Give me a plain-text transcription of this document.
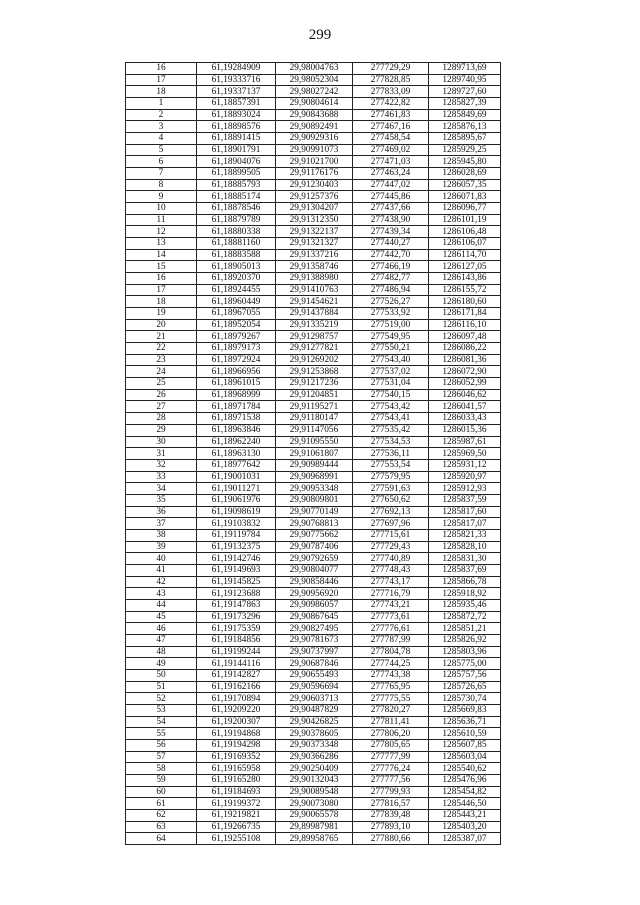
299
16	61,19284909	29,98004763	277729,29	1289713,69
17	61,19333716	29,98052304	277828,85	1289740,95
18	61,19337137	29,98027242	277833,09	1289727,60
1	61,18857391	29,90804614	277422,82	1285827,39
2	61,18893024	29,90843688	277461,83	1285849,69
3	61,18898576	29,90892491	277467,16	1285876,13
4	61,18891415	29,90929316	277458,54	1285895,67
5	61,18901791	29,90991073	277469,02	1285929,25
6	61,18904076	29,91021700	277471,03	1285945,80
7	61,18899505	29,91176176	277463,24	1286028,69
8	61,18885793	29,91230403	277447,02	1286057,35
9	61,18885174	29,91257376	277445,86	1286071,83
10	61,18878546	29,91304207	277437,66	1286096,77
11	61,18879789	29,91312350	277438,90	1286101,19
12	61,18880338	29,91322137	277439,34	1286106,48
13	61,18881160	29,91321327	277440,27	1286106,07
14	61,18883588	29,91337216	277442,70	1286114,70
15	61,18905013	29,91358746	277466,19	1286127,05
16	61,18920370	29,91388980	277482,77	1286143,86
17	61,18924455	29,91410763	277486,94	1286155,72
18	61,18960449	29,91454621	277526,27	1286180,60
19	61,18967055	29,91437884	277533,92	1286171,84
20	61,18952054	29,91335219	277519,00	1286116,10
21	61,18979267	29,91298757	277549,95	1286097,48
22	61,18979173	29,91277821	277550,21	1286086,22
23	61,18972924	29,91269202	277543,40	1286081,36
24	61,18966956	29,91253868	277537,02	1286072,90
25	61,18961015	29,91217236	277531,04	1286052,99
26	61,18968999	29,91204851	277540,15	1286046,62
27	61,18971784	29,91195271	277543,42	1286041,57
28	61,18971538	29,91180147	277543,41	1286033,43
29	61,18963846	29,91147056	277535,42	1286015,36
30	61,18962240	29,91095550	277534,53	1285987,61
31	61,18963130	29,91061807	277536,11	1285969,50
32	61,18977642	29,90989444	277553,54	1285931,12
33	61,19001031	29,90968991	277579,95	1285920,97
34	61,19011271	29,90953348	277591,63	1285912,93
35	61,19061976	29,90809801	277650,62	1285837,59
36	61,19098619	29,90770149	277692,13	1285817,60
37	61,19103832	29,90768813	277697,96	1285817,07
38	61,19119784	29,90775662	277715,61	1285821,33
39	61,19132375	29,90787406	277729,43	1285828,10
40	61,19142746	29,90792659	277740,89	1285831,30
41	61,19149693	29,90804077	277748,43	1285837,69
42	61,19145825	29,90858446	277743,17	1285866,78
43	61,19123688	29,90956920	277716,79	1285918,92
44	61,19147863	29,90986057	277743,21	1285935,46
45	61,19173296	29,90867645	277773,61	1285872,72
46	61,19175359	29,90827495	277776,61	1285851,21
47	61,19184856	29,90781673	277787,99	1285826,92
48	61,19199244	29,90737997	277804,78	1285803,96
49	61,19144116	29,90687846	277744,25	1285775,00
50	61,19142827	29,90655493	277743,38	1285757,56
51	61,19162166	29,90596694	277765,95	1285726,65
52	61,19170894	29,90603713	277775,55	1285730,74
53	61,19209220	29,90487829	277820,27	1285669,83
54	61,19200307	29,90426825	277811,41	1285636,71
55	61,19194868	29,90378605	277806,20	1285610,59
56	61,19194298	29,90373348	277805,65	1285607,85
57	61,19169352	29,90366286	277777,99	1285603,04
58	61,19165958	29,90250409	277776,24	1285540,62
59	61,19165280	29,90132043	277777,56	1285476,96
60	61,19184693	29,90089548	277799,93	1285454,82
61	61,19199372	29,90073080	277816,57	1285446,50
62	61,19219821	29,90065578	277839,48	1285443,21
63	61,19266735	29,89987981	277893,10	1285403,20
64	61,19255108	29,89958765	277880,66	1285387,07
